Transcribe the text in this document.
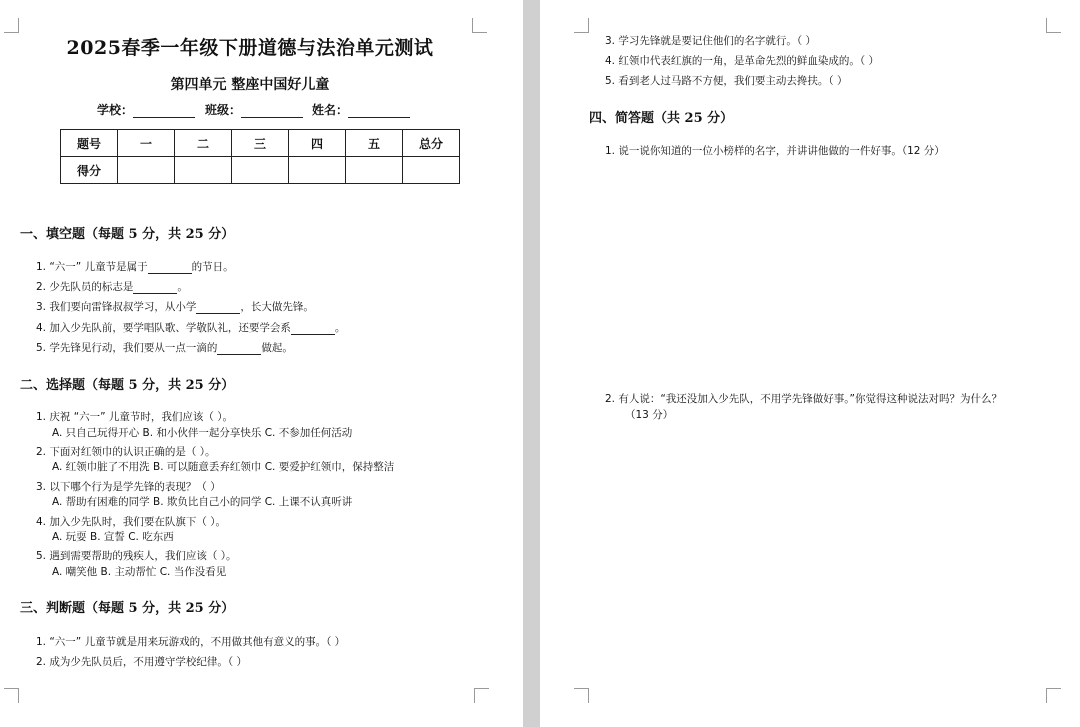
2025春季一年级下册道德与法治单元测试
第四单元 整座中国好儿童
学校：	班级：	姓名：
题号	一	二	三	四	五	总分
得分						
一、填空题（每题 5 分，共 25 分）
1. “六一” 儿童节是属于	的节日。
2. 少先队员的标志是	。
3. 我们要向雷锋叔叔学习，从小学	，长大做先锋。
4. 加入少先队前，要学唱队歌、学敬队礼，还要学会系	。
5. 学先锋见行动，我们要从一点一滴的	做起。
二、选择题（每题 5 分，共 25 分）
1. 庆祝 “六一” 儿童节时，我们应该（ ）。
A. 只自己玩得开心 B. 和小伙伴一起分享快乐 C. 不参加任何活动
2. 下面对红领巾的认识正确的是（ ）。
A. 红领巾脏了不用洗 B. 可以随意丢弃红领巾 C. 要爱护红领巾，保持整洁
3. 以下哪个行为是学先锋的表现？（ ）
A. 帮助有困难的同学 B. 欺负比自己小的同学 C. 上课不认真听讲
4. 加入少先队时，我们要在队旗下（ ）。
A. 玩耍 B. 宣誓 C. 吃东西
5. 遇到需要帮助的残疾人，我们应该（ ）。
A. 嘲笑他 B. 主动帮忙 C. 当作没看见
三、判断题（每题 5 分，共 25 分）
1. “六一” 儿童节就是用来玩游戏的，不用做其他有意义的事。（ ）
2. 成为少先队员后，不用遵守学校纪律。（ ）
3. 学习先锋就是要记住他们的名字就行。（ ）
4. 红领巾代表红旗的一角，是革命先烈的鲜血染成的。（ ）
5. 看到老人过马路不方便，我们要主动去搀扶。（ ）
四、简答题（共 25 分）
1. 说一说你知道的一位小榜样的名字，并讲讲他做的一件好事。（12 分）
2. 有人说：“我还没加入少先队，不用学先锋做好事。”你觉得这种说法对吗？为什么？
（13 分）
